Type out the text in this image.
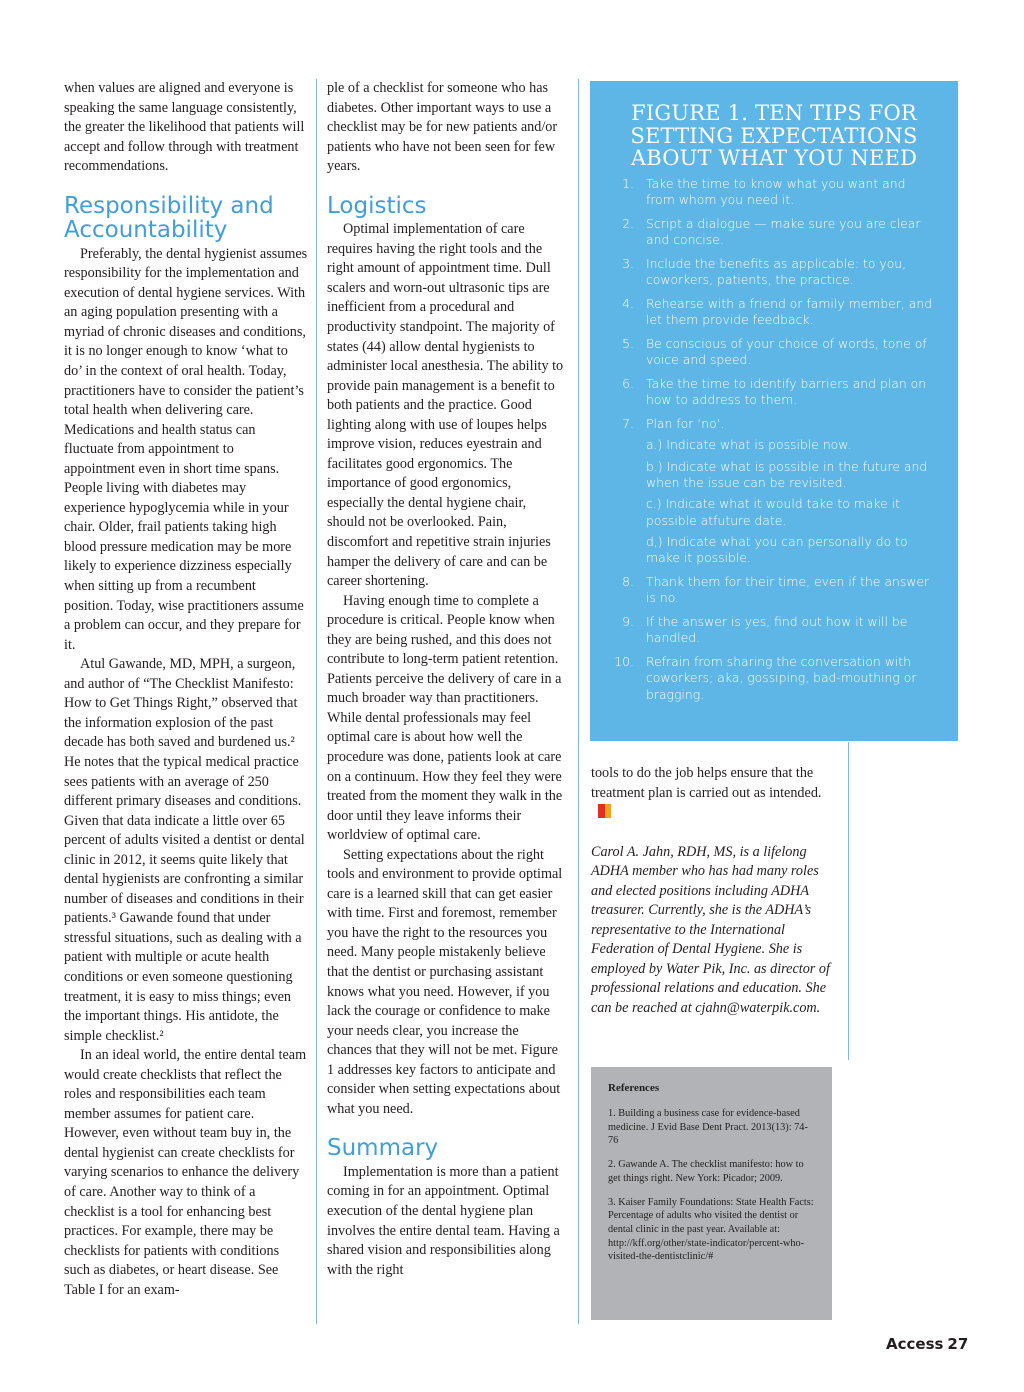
when values are aligned and everyone is speaking the same language consistently, the greater the likelihood that patients will accept and follow through with treatment recommendations.

Responsibility and Accountability

Preferably, the dental hygienist assumes responsibility for the implementation and execution of dental hygiene services. With an aging population presenting with a myriad of chronic diseases and conditions, it is no longer enough to know ‘what to do’ in the context of oral health. Today, practitioners have to consider the patient’s total health when delivering care. Medications and health status can fluctuate from appointment to appointment even in short time spans. People living with diabetes may experience hypoglycemia while in your chair. Older, frail patients taking high blood pressure medication may be more likely to experience dizziness especially when sitting up from a recumbent position. Today, wise practitioners assume a problem can occur, and they prepare for it.

Atul Gawande, MD, MPH, a surgeon, and author of “The Checklist Manifesto: How to Get Things Right,” observed that the information explosion of the past decade has both saved and burdened us.² He notes that the typical medical practice sees patients with an average of 250 different primary diseases and conditions. Given that data indicate a little over 65 percent of adults visited a dentist or dental clinic in 2012, it seems quite likely that dental hygienists are confronting a similar number of diseases and conditions in their patients.³ Gawande found that under stressful situations, such as dealing with a patient with multiple or acute health conditions or even someone questioning treatment, it is easy to miss things; even the important things. His antidote, the simple checklist.²

In an ideal world, the entire dental team would create checklists that reflect the roles and responsibilities each team member assumes for patient care. However, even without team buy in, the dental hygienist can create checklists for varying scenarios to enhance the delivery of care. Another way to think of a checklist is a tool for enhancing best practices. For example, there may be checklists for patients with conditions such as diabetes, or heart disease. See Table I for an exam-

ple of a checklist for someone who has diabetes. Other important ways to use a checklist may be for new patients and/or patients who have not been seen for few years.

Logistics

Optimal implementation of care requires having the right tools and the right amount of appointment time. Dull scalers and worn-out ultrasonic tips are inefficient from a procedural and productivity standpoint. The majority of states (44) allow dental hygienists to administer local anesthesia. The ability to provide pain management is a benefit to both patients and the practice. Good lighting along with use of loupes helps improve vision, reduces eyestrain and facilitates good ergonomics. The importance of good ergonomics, especially the dental hygiene chair, should not be overlooked. Pain, discomfort and repetitive strain injuries hamper the delivery of care and can be career shortening.

Having enough time to complete a procedure is critical. People know when they are being rushed, and this does not contribute to long-term patient retention. Patients perceive the delivery of care in a much broader way than practitioners. While dental professionals may feel optimal care is about how well the procedure was done, patients look at care on a continuum. How they feel they were treated from the moment they walk in the door until they leave informs their worldview of optimal care.

Setting expectations about the right tools and environment to provide optimal care is a learned skill that can get easier with time. First and foremost, remember you have the right to the resources you need. Many people mistakenly believe that the dentist or purchasing assistant knows what you need. However, if you lack the courage or confidence to make your needs clear, you increase the chances that they will not be met. Figure 1 addresses key factors to anticipate and consider when setting expectations about what you need.

Summary

Implementation is more than a patient coming in for an appointment. Optimal execution of the dental hygiene plan involves the entire dental team. Having a shared vision and responsibilities along with the right

FIGURE 1. TEN TIPS FOR SETTING EXPECTATIONS ABOUT WHAT YOU NEED
1. Take the time to know what you want and from whom you need it.
2. Script a dialogue — make sure you are clear and concise.
3. Include the benefits as applicable: to you, coworkers, patients, the practice.
4. Rehearse with a friend or family member, and let them provide feedback.
5. Be conscious of your choice of words, tone of voice and speed.
6. Take the time to identify barriers and plan on how to address to them.
7. Plan for ‘no’.
a.) Indicate what is possible now.
b.) Indicate what is possible in the future and when the issue can be revisited.
c.) Indicate what it would take to make it possible atfuture date.
d,) Indicate what you can personally do to make it possible.
8. Thank them for their time, even if the answer is no.
9. If the answer is yes, find out how it will be handled.
10. Refrain from sharing the conversation with coworkers; aka, gossiping, bad-mouthing or bragging.

tools to do the job helps ensure that the treatment plan is carried out as intended.

Carol A. Jahn, RDH, MS, is a lifelong ADHA member who has had many roles and elected positions including ADHA treasurer. Currently, she is the ADHA’s representative to the International Federation of Dental Hygiene. She is employed by Water Pik, Inc. as director of professional relations and education. She can be reached at cjahn@waterpik.com.

References
1. Building a business case for evidence-based medicine. J Evid Base Dent Pract. 2013(13): 74-76
2. Gawande A. The checklist manifesto: how to get things right. New York: Picador; 2009.
3. Kaiser Family Foundations: State Health Facts: Percentage of adults who visited the dentist or dental clinic in the past year. Available at: http://kff.org/other/state-indicator/percent-who-visited-the-dentistclinic/#
Access 27
